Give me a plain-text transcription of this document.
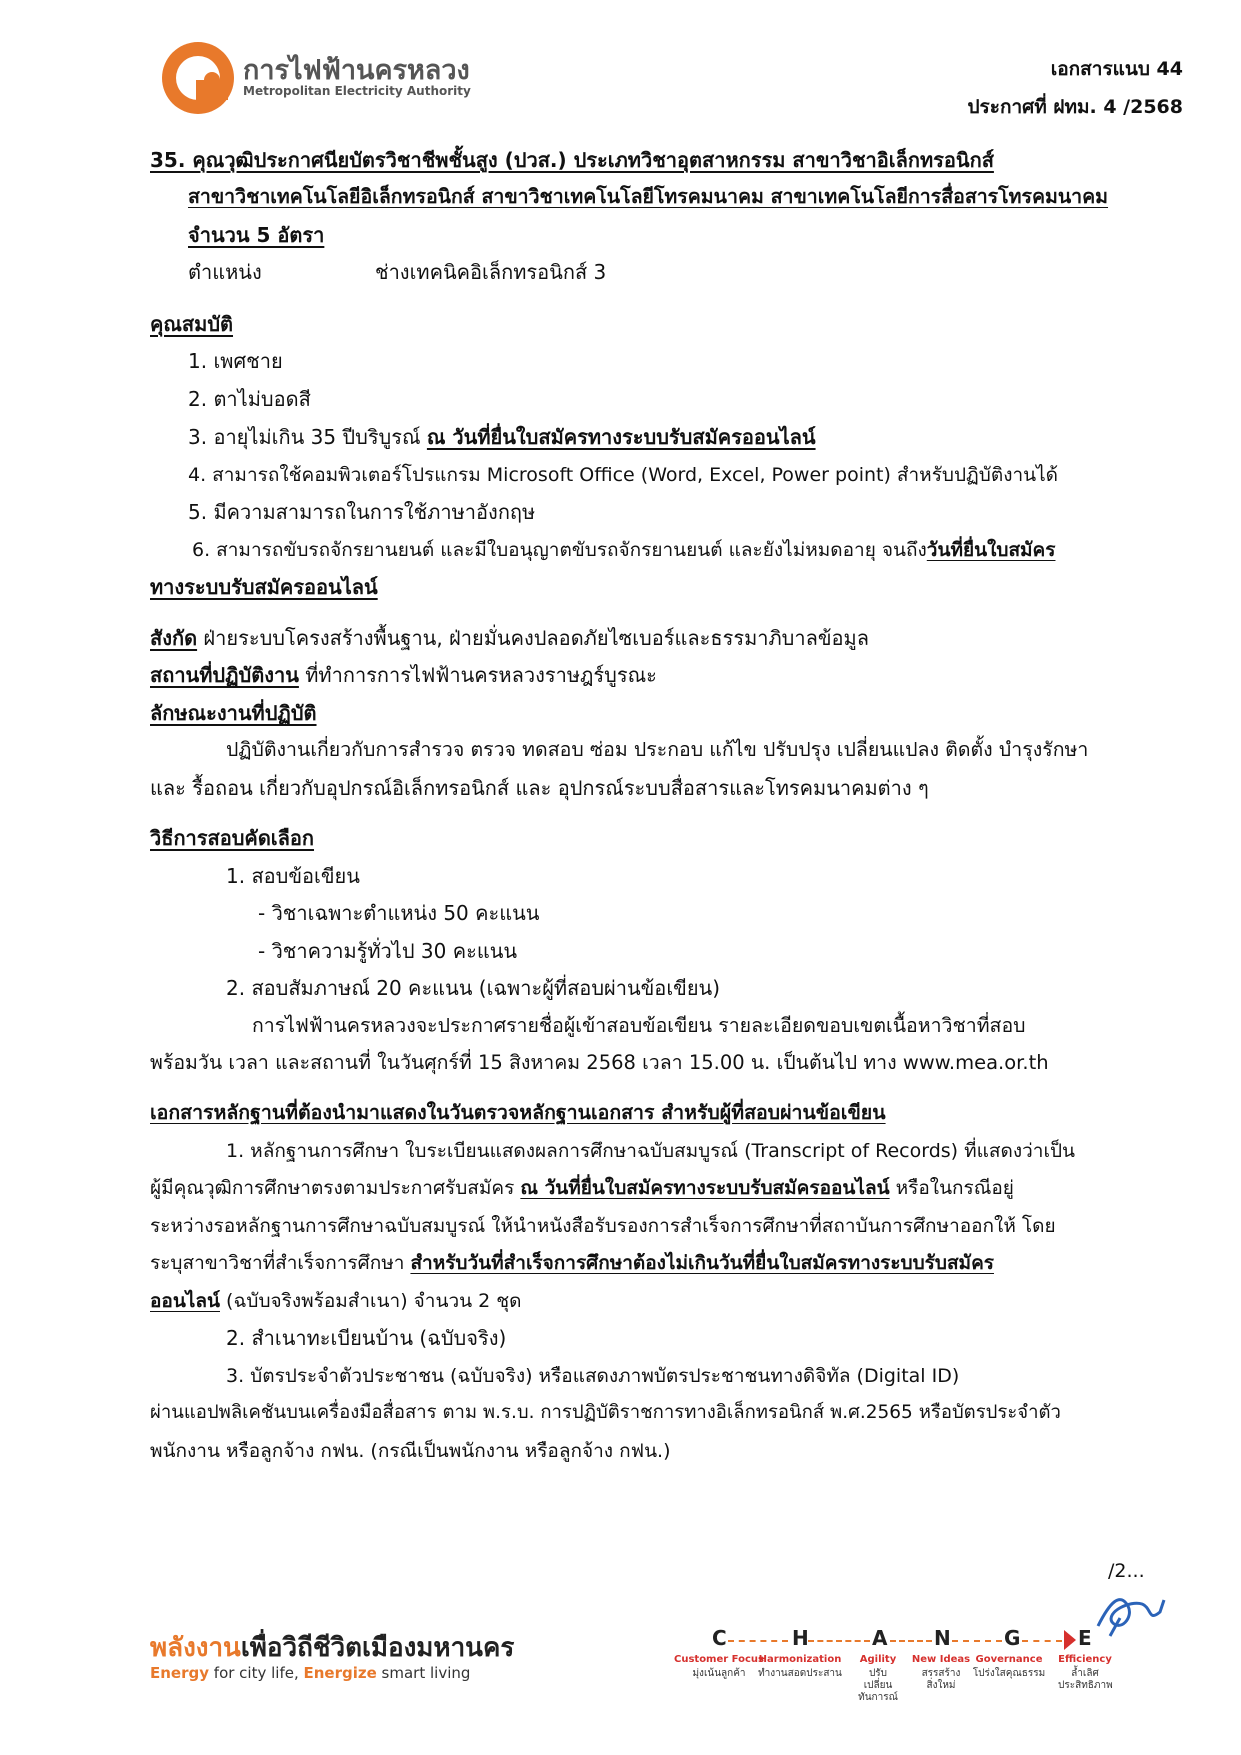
การไฟฟ้านครหลวง
Metropolitan Electricity Authority
เอกสารแนบ 44
ประกาศที่ ฝทม. 4 /2568
35. คุณวุฒิประกาศนียบัตรวิชาชีพชั้นสูง (ปวส.) ประเภทวิชาอุตสาหกรรม สาขาวิชาอิเล็กทรอนิกส์
สาขาวิชาเทคโนโลยีอิเล็กทรอนิกส์ สาขาวิชาเทคโนโลยีโทรคมนาคม สาขาเทคโนโลยีการสื่อสารโทรคมนาคม
จำนวน 5 อัตรา
ตำแหน่ง	ช่างเทคนิคอิเล็กทรอนิกส์ 3
คุณสมบัติ
1. เพศชาย
2. ตาไม่บอดสี
3. อายุไม่เกิน 35 ปีบริบูรณ์ ณ วันที่ยื่นใบสมัครทางระบบรับสมัครออนไลน์
4. สามารถใช้คอมพิวเตอร์โปรแกรม Microsoft Office (Word, Excel, Power point) สำหรับปฏิบัติงานได้
5. มีความสามารถในการใช้ภาษาอังกฤษ
6. สามารถขับรถจักรยานยนต์ และมีใบอนุญาตขับรถจักรยานยนต์ และยังไม่หมดอายุ จนถึงวันที่ยื่นใบสมัคร
ทางระบบรับสมัครออนไลน์
สังกัด ฝ่ายระบบโครงสร้างพื้นฐาน, ฝ่ายมั่นคงปลอดภัยไซเบอร์และธรรมาภิบาลข้อมูล
สถานที่ปฏิบัติงาน ที่ทำการการไฟฟ้านครหลวงราษฎร์บูรณะ
ลักษณะงานที่ปฏิบัติ
ปฏิบัติงานเกี่ยวกับการสำรวจ ตรวจ ทดสอบ ซ่อม ประกอบ แก้ไข ปรับปรุง เปลี่ยนแปลง ติดตั้ง บำรุงรักษา
และ รื้อถอน เกี่ยวกับอุปกรณ์อิเล็กทรอนิกส์ และ อุปกรณ์ระบบสื่อสารและโทรคมนาคมต่าง ๆ
วิธีการสอบคัดเลือก
1. สอบข้อเขียน
- วิชาเฉพาะตำแหน่ง 50 คะแนน
- วิชาความรู้ทั่วไป 30 คะแนน
2. สอบสัมภาษณ์ 20 คะแนน (เฉพาะผู้ที่สอบผ่านข้อเขียน)
การไฟฟ้านครหลวงจะประกาศรายชื่อผู้เข้าสอบข้อเขียน รายละเอียดขอบเขตเนื้อหาวิชาที่สอบ
พร้อมวัน เวลา และสถานที่ ในวันศุกร์ที่ 15 สิงหาคม 2568 เวลา 15.00 น. เป็นต้นไป ทาง www.mea.or.th
เอกสารหลักฐานที่ต้องนำมาแสดงในวันตรวจหลักฐานเอกสาร สำหรับผู้ที่สอบผ่านข้อเขียน
1. หลักฐานการศึกษา ใบระเบียนแสดงผลการศึกษาฉบับสมบูรณ์ (Transcript of Records) ที่แสดงว่าเป็น
ผู้มีคุณวุฒิการศึกษาตรงตามประกาศรับสมัคร ณ วันที่ยื่นใบสมัครทางระบบรับสมัครออนไลน์ หรือในกรณีอยู่
ระหว่างรอหลักฐานการศึกษาฉบับสมบูรณ์ ให้นำหนังสือรับรองการสำเร็จการศึกษาที่สถาบันการศึกษาออกให้ โดย
ระบุสาขาวิชาที่สำเร็จการศึกษา สำหรับวันที่สำเร็จการศึกษาต้องไม่เกินวันที่ยื่นใบสมัครทางระบบรับสมัคร
ออนไลน์ (ฉบับจริงพร้อมสำเนา) จำนวน 2 ชุด
2. สำเนาทะเบียนบ้าน (ฉบับจริง)
3. บัตรประจำตัวประชาชน (ฉบับจริง) หรือแสดงภาพบัตรประชาชนทางดิจิทัล (Digital ID)
ผ่านแอปพลิเคชันบนเครื่องมือสื่อสาร ตาม พ.ร.บ. การปฏิบัติราชการทางอิเล็กทรอนิกส์ พ.ศ.2565 หรือบัตรประจำตัว
พนักงาน หรือลูกจ้าง กฟน. (กรณีเป็นพนักงาน หรือลูกจ้าง กฟน.)
/2...
พลังงานเพื่อวิถีชีวิตเมืองมหานคร
Energy for city life, Energize smart living
C	H	A N	G	E
Customer Focus
Harmonization	Agility	New Ideas Governance	Efficiency
มุ่งเน้นลูกค้า	ทำงานสอดประสาน	ปรับเปลี่ยนทันการณ์
สรรสร้างสิ่งใหม่
โปร่งใสคุณธรรม	ล้ำเลิศประสิทธิภาพ
